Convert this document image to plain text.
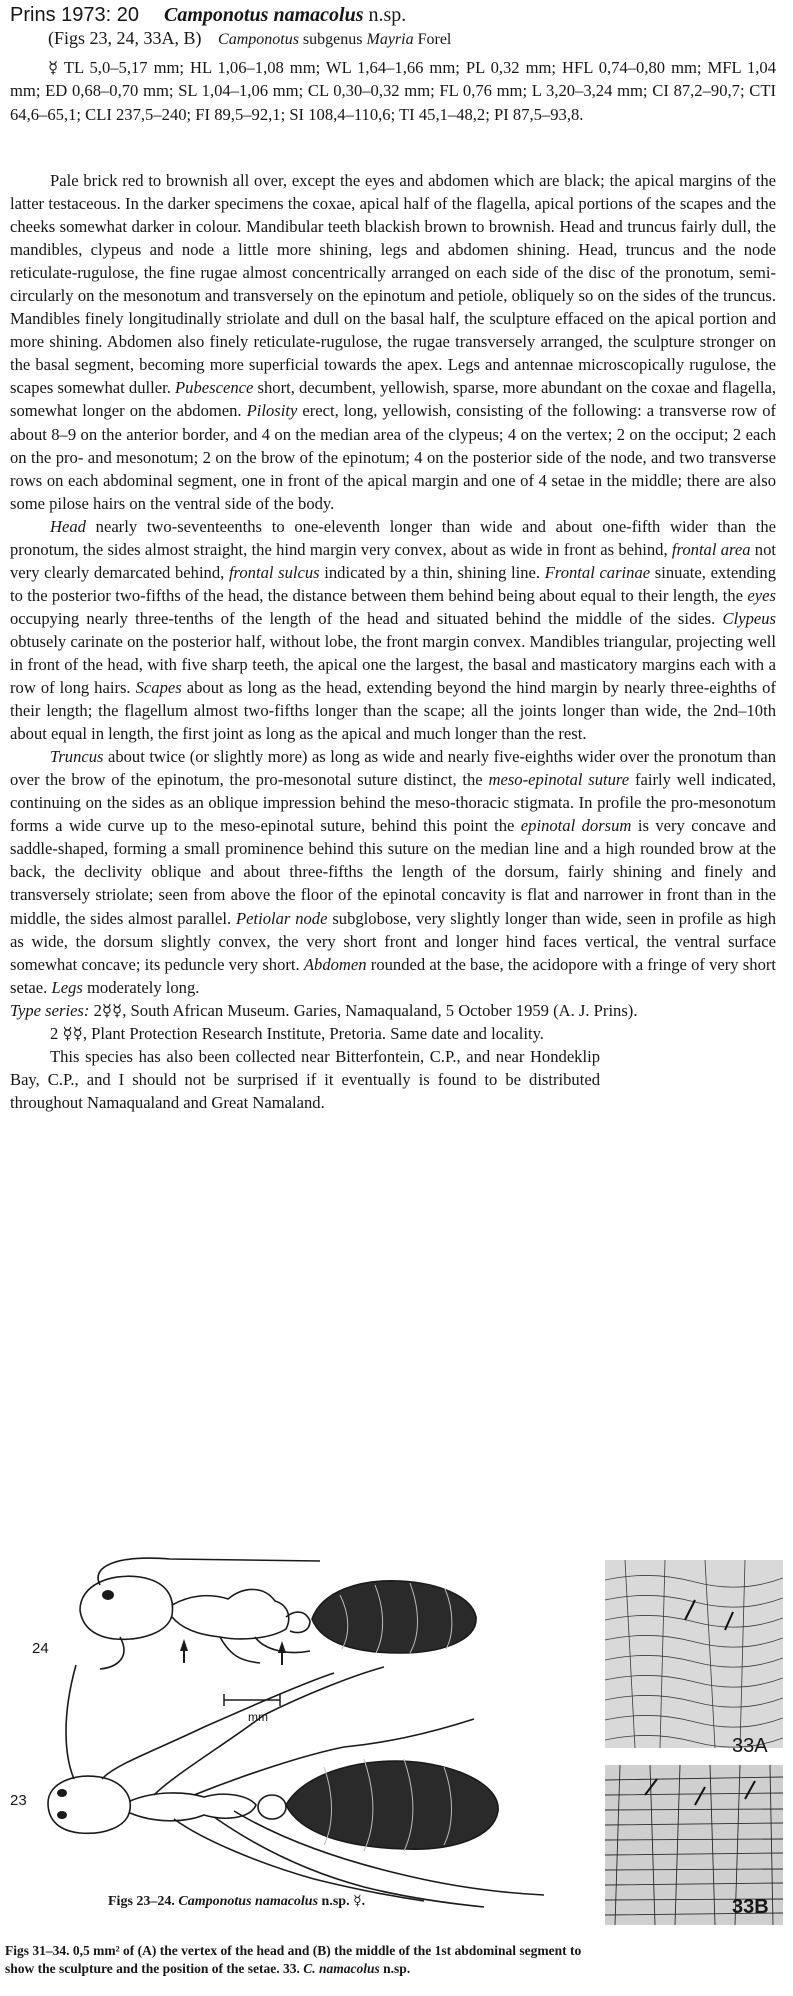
Prins 1973: 20 Camponotus namacolus n.sp.
(Figs 23, 24, 33A, B) Camponotus subgenus Mayria Forel
☿ TL 5,0–5,17 mm; HL 1,06–1,08 mm; WL 1,64–1,66 mm; PL 0,32 mm; HFL 0,74–0,80 mm; MFL 1,04 mm; ED 0,68–0,70 mm; SL 1,04–1,06 mm; CL 0,30–0,32 mm; FL 0,76 mm; L 3,20–3,24 mm; CI 87,2–90,7; CTI 64,6–65,1; CLI 237,5–240; FI 89,5–92,1; SI 108,4–110,6; TI 45,1–48,2; PI 87,5–93,8.

Pale brick red to brownish all over, except the eyes and abdomen which are black; the apical margins of the latter testaceous. In the darker specimens the coxae, apical half of the flagella, apical portions of the scapes and the cheeks somewhat darker in colour. Mandibular teeth blackish brown to brownish. Head and truncus fairly dull, the mandibles, clypeus and node a little more shining, legs and abdomen shining. Head, truncus and the node reticulate-rugulose, the fine rugae almost concentrically arranged on each side of the disc of the pronotum, semi-circularly on the mesonotum and transversely on the epinotum and petiole, obliquely so on the sides of the truncus. Mandibles finely longitudinally striolate and dull on the basal half, the sculpture effaced on the apical portion and more shining. Abdomen also finely reticulate-rugulose, the rugae transversely arranged, the sculpture stronger on the basal segment, becoming more superficial towards the apex. Legs and antennae microscopically rugulose, the scapes somewhat duller. Pubescence short, decumbent, yellowish, sparse, more abundant on the coxae and flagella, somewhat longer on the abdomen. Pilosity erect, long, yellowish, consisting of the following: a transverse row of about 8–9 on the anterior border, and 4 on the median area of the clypeus; 4 on the vertex; 2 on the occiput; 2 each on the pro- and mesonotum; 2 on the brow of the epinotum; 4 on the posterior side of the node, and two transverse rows on each abdominal segment, one in front of the apical margin and one of 4 setae in the middle; there are also some pilose hairs on the ventral side of the body.

Head nearly two-seventeenths to one-eleventh longer than wide and about one-fifth wider than the pronotum, the sides almost straight, the hind margin very convex, about as wide in front as behind, frontal area not very clearly demarcated behind, frontal sulcus indicated by a thin, shining line. Frontal carinae sinuate, extending to the posterior two-fifths of the head, the distance between them behind being about equal to their length, the eyes occupying nearly three-tenths of the length of the head and situated behind the middle of the sides. Clypeus obtusely carinate on the posterior half, without lobe, the front margin convex. Mandibles triangular, projecting well in front of the head, with five sharp teeth, the apical one the largest, the basal and masticatory margins each with a row of long hairs. Scapes about as long as the head, extending beyond the hind margin by nearly three-eighths of their length; the flagellum almost two-fifths longer than the scape; all the joints longer than wide, the 2nd–10th about equal in length, the first joint as long as the apical and much longer than the rest.

Truncus about twice (or slightly more) as long as wide and nearly five-eighths wider over the pronotum than over the brow of the epinotum, the pro-mesonotal suture distinct, the meso-epinotal suture fairly well indicated, continuing on the sides as an oblique impression behind the meso-thoracic stigmata. In profile the pro-mesonotum forms a wide curve up to the meso-epinotal suture, behind this point the epinotal dorsum is very concave and saddle-shaped, forming a small prominence behind this suture on the median line and a high rounded brow at the back, the declivity oblique and about three-fifths the length of the dorsum, fairly shining and finely and transversely striolate; seen from above the floor of the epinotal concavity is flat and narrower in front than in the middle, the sides almost parallel. Petiolar node subglobose, very slightly longer than wide, seen in profile as high as wide, the dorsum slightly convex, the very short front and longer hind faces vertical, the ventral surface somewhat concave; its peduncle very short. Abdomen rounded at the base, the acidopore with a fringe of very short setae. Legs moderately long.

Type series: 2☿☿, South African Museum. Garies, Namaqualand, 5 October 1959 (A. J. Prins).

2 ☿☿, Plant Protection Research Institute, Pretoria. Same date and locality.

This species has also been collected near Bitterfontein, C.P., and near Hondeklip Bay, C.P., and I should not be surprised if it eventually is found to be distributed throughout Namaqualand and Great Namaland.

mm
24
23
33A
33B
Figs 23–24. Camponotus namacolus n.sp. ☿.
Figs 31–34. 0,5 mm² of (A) the vertex of the head and (B) the middle of the 1st abdominal segment to show the sculpture and the position of the setae. 33. C. namacolus n.sp.
